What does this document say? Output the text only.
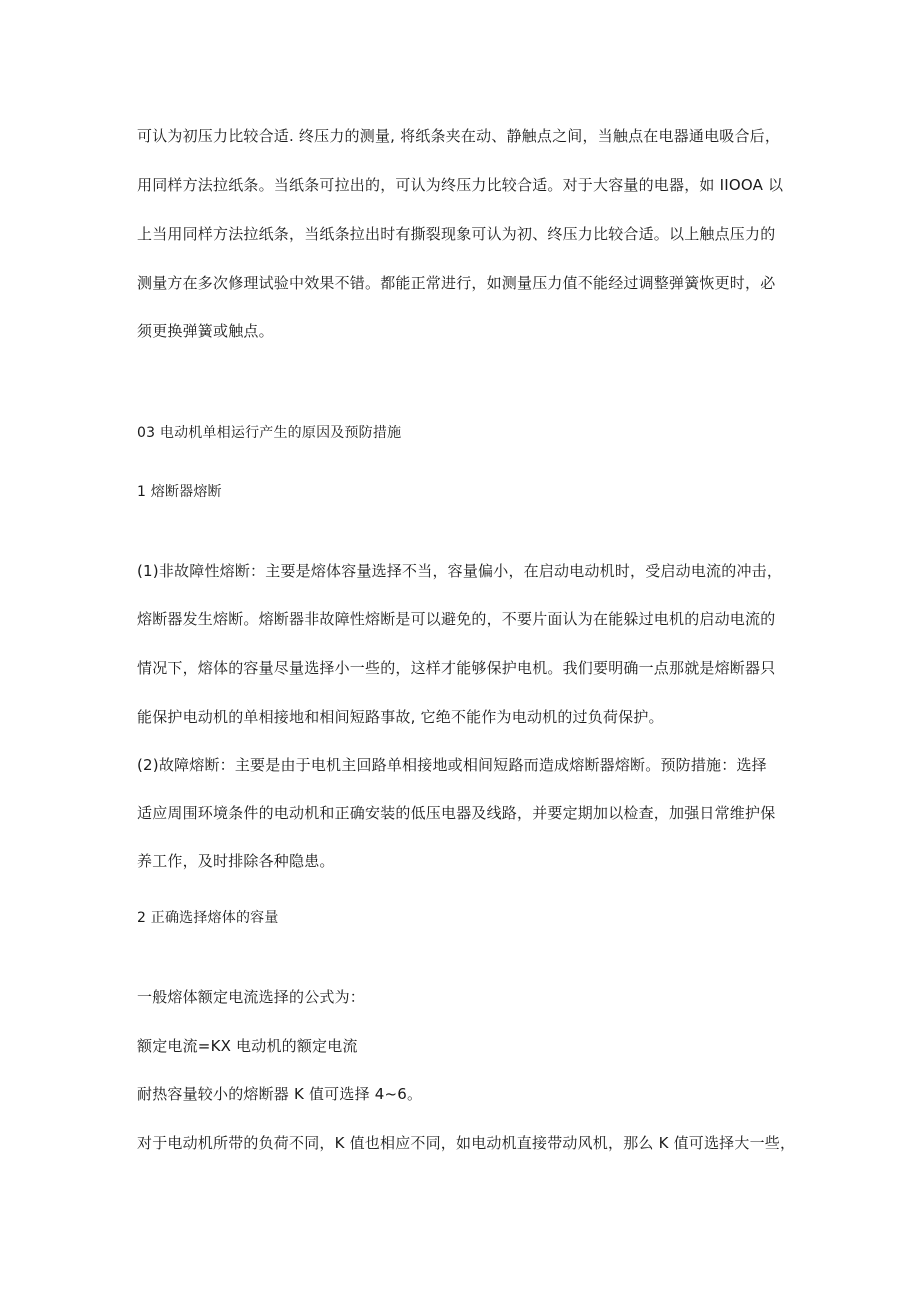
可认为初压力比较合适. 终压力的测量, 将纸条夹在动、静触点之间，当触点在电器通电吸合后，
用同样方法拉纸条。当纸条可拉出的，可认为终压力比较合适。对于大容量的电器，如 IIOOA 以
上当用同样方法拉纸条，当纸条拉出时有撕裂现象可认为初、终压力比较合适。以上触点压力的
测量方在多次修理试验中效果不错。都能正常进行，如测量压力值不能经过调整弹簧恢更时，必
须更换弹簧或触点。
03 电动机单相运行产生的原因及预防措施
1 熔断器熔断
(1)非故障性熔断：主要是熔体容量选择不当，容量偏小，在启动电动机时，受启动电流的冲击，
熔断器发生熔断。熔断器非故障性熔断是可以避免的，不要片面认为在能躲过电机的启动电流的
情况下，熔体的容量尽量选择小一些的，这样才能够保护电机。我们要明确一点那就是熔断器只
能保护电动机的单相接地和相间短路事故, 它绝不能作为电动机的过负荷保护。
(2)故障熔断：主要是由于电机主回路单相接地或相间短路而造成熔断器熔断。预防措施：选择
适应周围环境条件的电动机和正确安装的低压电器及线路，并要定期加以检查，加强日常维护保
养工作，及时排除各种隐患。
2 正确选择熔体的容量
一般熔体额定电流选择的公式为：
额定电流=KX 电动机的额定电流
耐热容量较小的熔断器 K 值可选择 4~6。
对于电动机所带的负荷不同，K 值也相应不同，如电动机直接带动风机，那么 K 值可选择大一些，
